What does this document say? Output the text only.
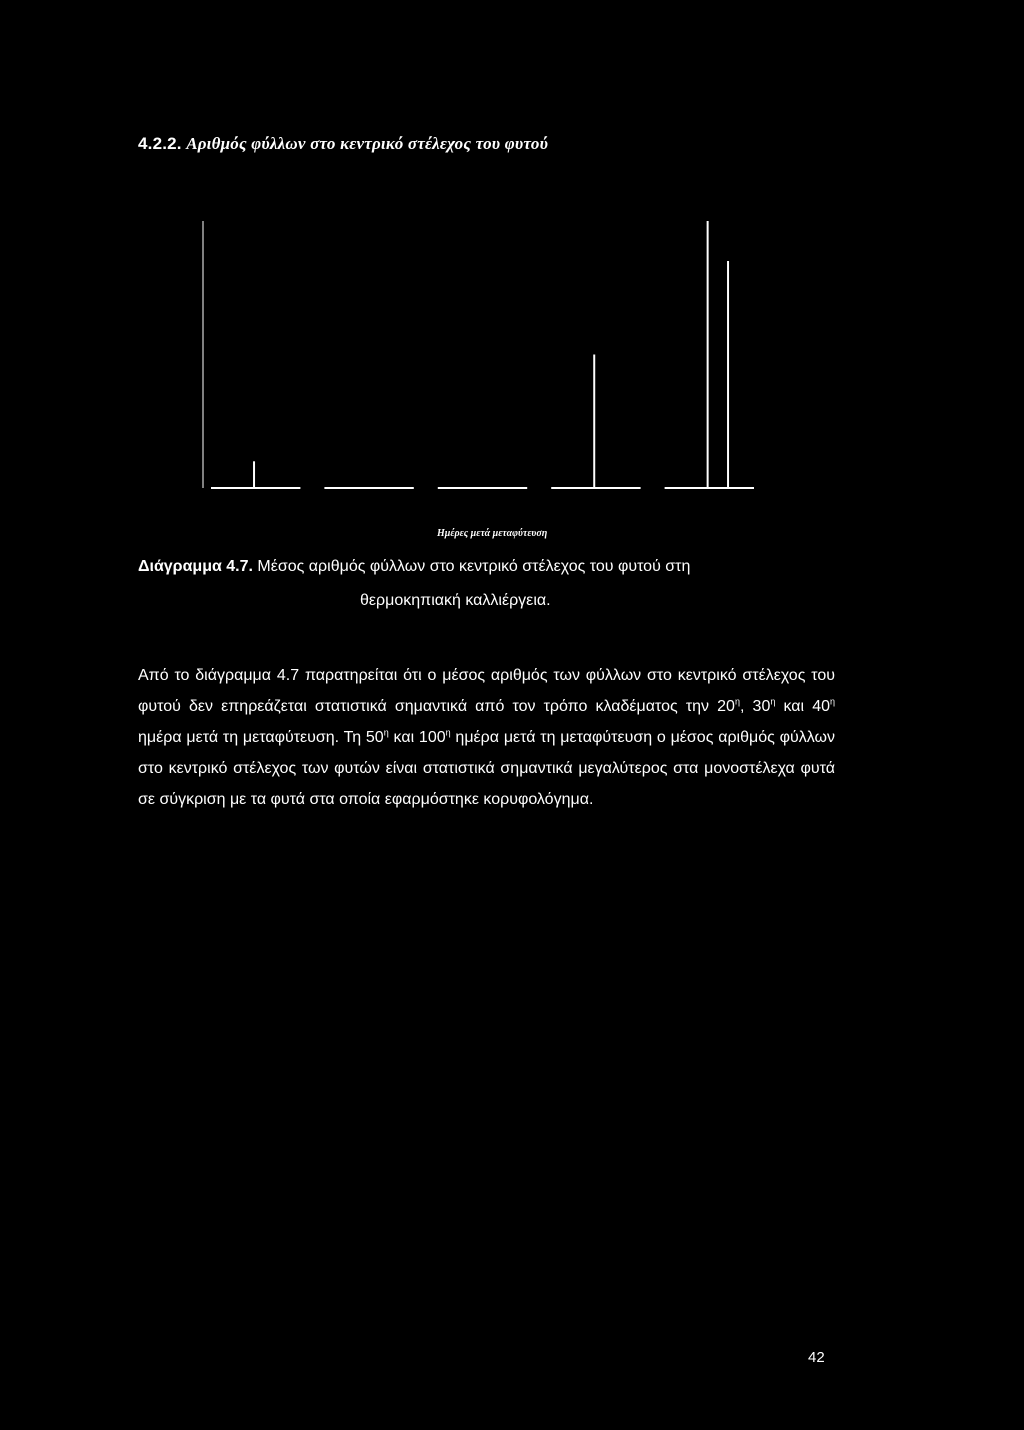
4.2.2. Αριθμός φύλλων στο κεντρικό στέλεχος του φυτού
Ημέρες μετά μεταφύτευση
Διάγραμμα 4.7. Μέσος αριθμός φύλλων στο κεντρικό στέλεχος του φυτού στη
θερμοκηπιακή καλλιέργεια.
Από το διάγραμμα 4.7 παρατηρείται ότι ο μέσος αριθμός των φύλλων στο κεντρικό στέλεχος του φυτού δεν επηρεάζεται στατιστικά σημαντικά από τον τρόπο κλαδέματος την $20^\eta$, $30^\eta$ και $40^\eta$ ημέρα μετά τη μεταφύτευση. Τη $50^\eta$ και $100^\eta$ ημέρα μετά τη μεταφύτευση ο μέσος αριθμός φύλλων στο κεντρικό στέλεχος των φυτών είναι στατιστικά σημαντικά μεγαλύτερος στα μονοστέλεχα φυτά σε σύγκριση με τα φυτά στα οποία εφαρμόστηκε κορυφολόγημα.
42
